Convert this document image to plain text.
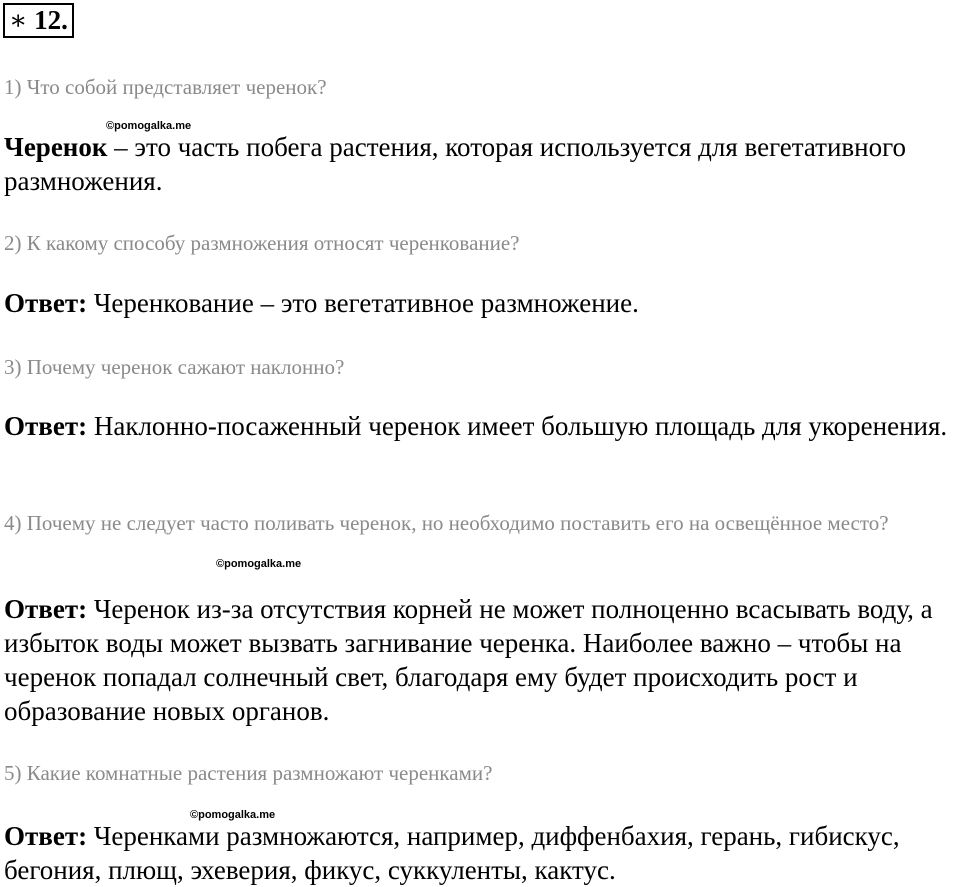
∗ 12.

1) Что собой представляет черенок?

©pomogalka.me

Черенок – это часть побега растения, которая используется для вегетативного размножения.

2) К какому способу размножения относят черенкование?

Ответ: Черенкование – это вегетативное размножение.

3) Почему черенок сажают наклонно?

Ответ: Наклонно-посаженный черенок имеет большую площадь для укоренения.

4) Почему не следует часто поливать черенок, но необходимо поставить его на освещённое место?

©pomogalka.me

Ответ: Черенок из-за отсутствия корней не может полноценно всасывать воду, а избыток воды может вызвать загнивание черенка. Наиболее важно – чтобы на черенок попадал солнечный свет, благодаря ему будет происходить рост и образование новых органов.

5) Какие комнатные растения размножают черенками?

©pomogalka.me

Ответ: Черенками размножаются, например, диффенбахия, герань, гибискус, бегония, плющ, эхеверия, фикус, суккуленты, кактус.
